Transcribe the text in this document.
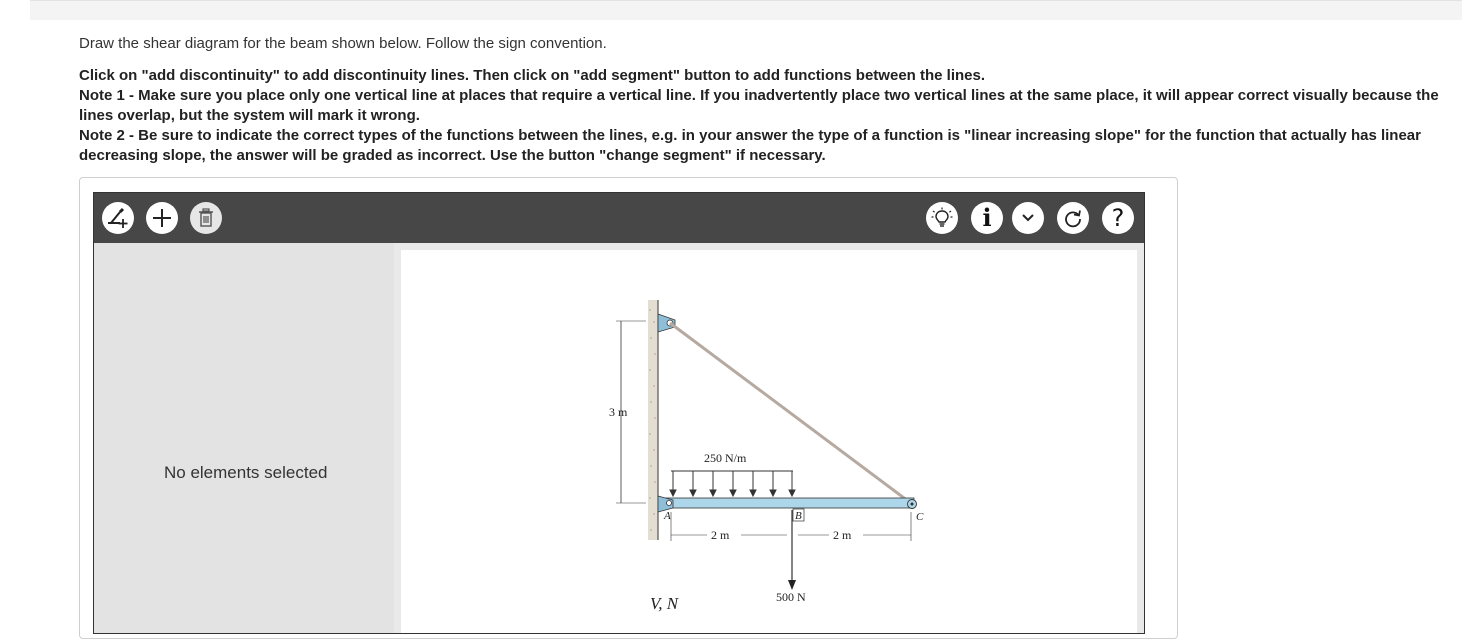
Draw the shear diagram for the beam shown below. Follow the sign convention.

Click on "add discontinuity" to add discontinuity lines. Then click on "add segment" button to add functions between the lines.

Note 1 - Make sure you place only one vertical line at places that require a vertical line. If you inadvertently place two vertical lines at the same place, it will appear correct visually because the lines overlap, but the system will mark it wrong.

Note 2 - Be sure to indicate the correct types of the functions between the lines, e.g. in your answer the type of a function is "linear increasing slope" for the function that actually has linear decreasing slope, the answer will be graded as incorrect. Use the button "change segment" if necessary.

i	?
No elements selected
3 m
250 N/m
A	B	C
2 m	2 m
500 N
V, N
